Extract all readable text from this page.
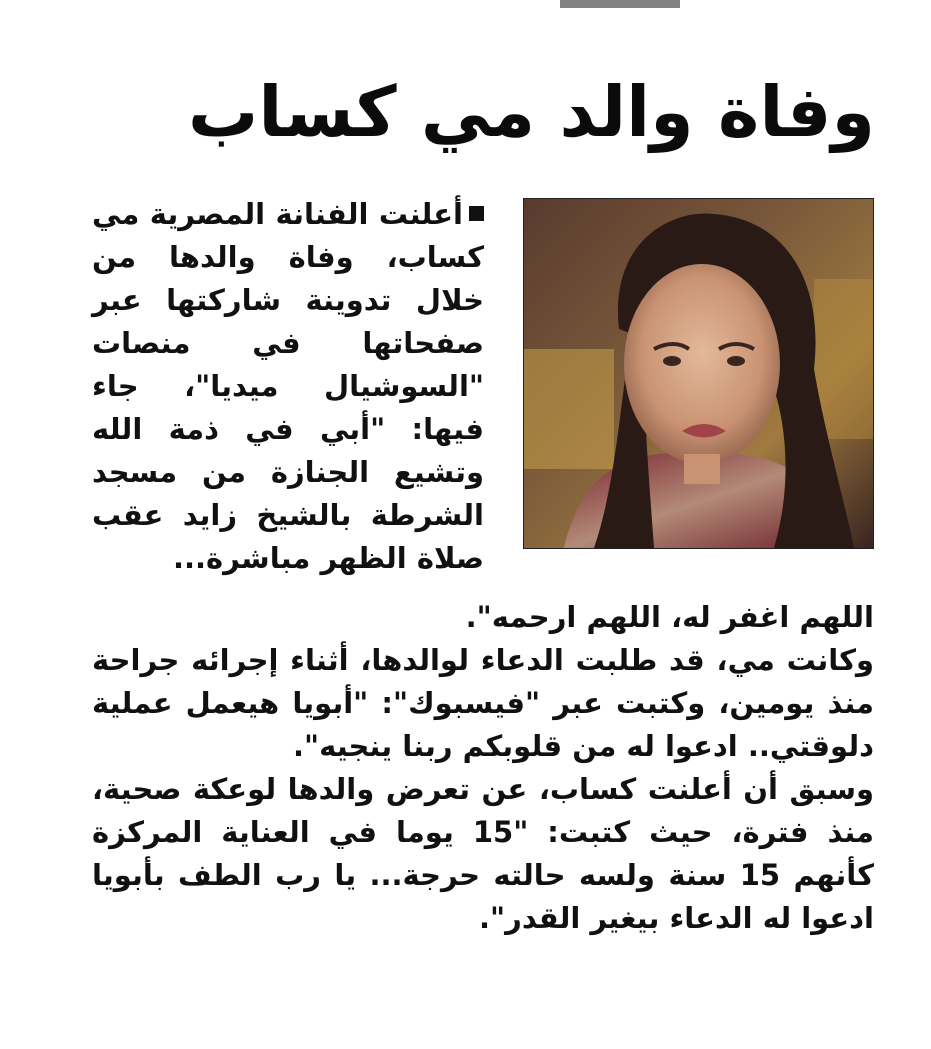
وفاة والد مي كساب

أعلنت الفنانة المصرية مي كساب، وفاة والدها من خلال تدوينة شاركتها عبر صفحاتها في منصات "السوشيال ميديا"، جاء فيها: "أبي في ذمة الله وتشيع الجنازة من مسجد الشرطة بالشيخ زايد عقب صلاة الظهر مباشرة...

اللهم اغفر له، اللهم ارحمه".

وكانت مي، قد طلبت الدعاء لوالدها، أثناء إجرائه جراحة منذ يومين، وكتبت عبر "فيسبوك": "أبويا هيعمل عملية دلوقتي.. ادعوا له من قلوبكم ربنا ينجيه".

وسبق أن أعلنت كساب، عن تعرض والدها لوعكة صحية، منذ فترة، حيث كتبت: "15 يوما في العناية المركزة كأنهم 15 سنة ولسه حالته حرجة... يا رب الطف بأبويا ادعوا له الدعاء بيغير القدر".
